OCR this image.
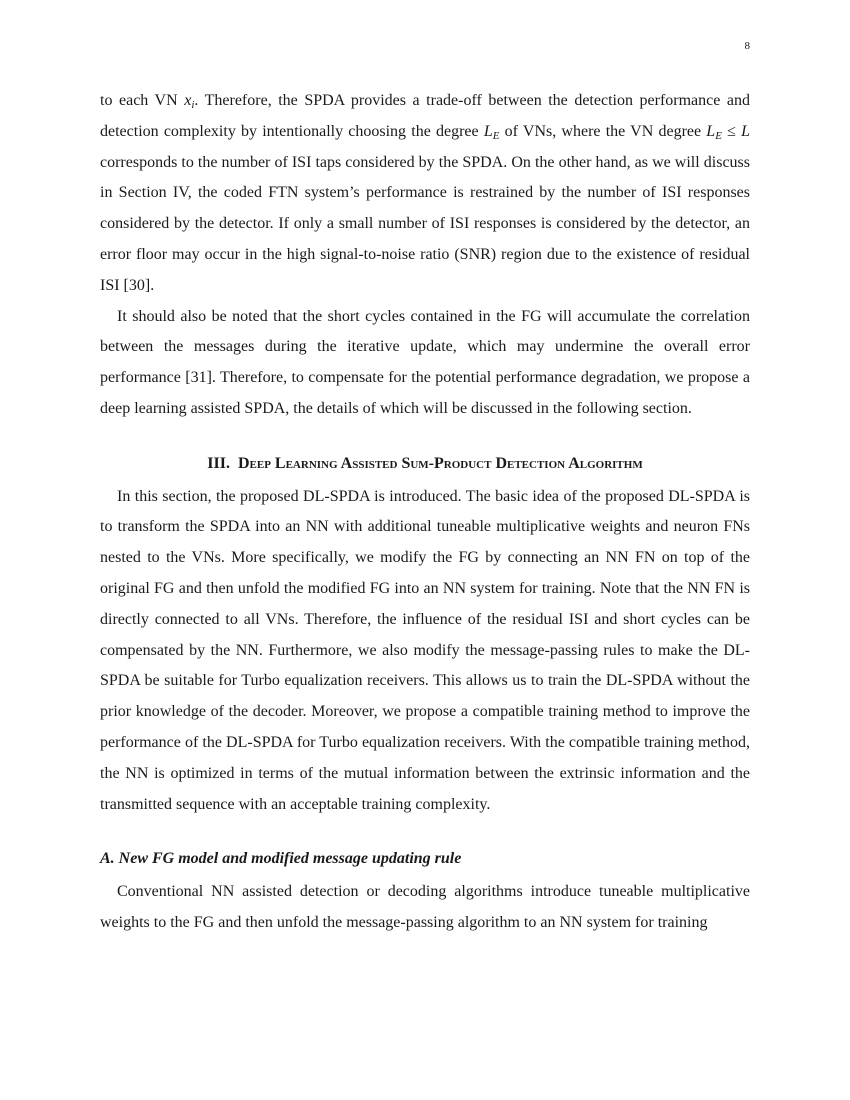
8

to each VN $x_i$. Therefore, the SPDA provides a trade-off between the detection performance and detection complexity by intentionally choosing the degree $L_E$ of VNs, where the VN degree $L_E \le L$ corresponds to the number of ISI taps considered by the SPDA. On the other hand, as we will discuss in Section IV, the coded FTN system’s performance is restrained by the number of ISI responses considered by the detector. If only a small number of ISI responses is considered by the detector, an error floor may occur in the high signal-to-noise ratio (SNR) region due to the existence of residual ISI [30].

It should also be noted that the short cycles contained in the FG will accumulate the correlation between the messages during the iterative update, which may undermine the overall error performance [31]. Therefore, to compensate for the potential performance degradation, we propose a deep learning assisted SPDA, the details of which will be discussed in the following section.

III. Deep Learning Assisted Sum-Product Detection Algorithm

In this section, the proposed DL-SPDA is introduced. The basic idea of the proposed DL-SPDA is to transform the SPDA into an NN with additional tuneable multiplicative weights and neuron FNs nested to the VNs. More specifically, we modify the FG by connecting an NN FN on top of the original FG and then unfold the modified FG into an NN system for training. Note that the NN FN is directly connected to all VNs. Therefore, the influence of the residual ISI and short cycles can be compensated by the NN. Furthermore, we also modify the message-passing rules to make the DL-SPDA be suitable for Turbo equalization receivers. This allows us to train the DL-SPDA without the prior knowledge of the decoder. Moreover, we propose a compatible training method to improve the performance of the DL-SPDA for Turbo equalization receivers. With the compatible training method, the NN is optimized in terms of the mutual information between the extrinsic information and the transmitted sequence with an acceptable training complexity.

A. New FG model and modified message updating rule

Conventional NN assisted detection or decoding algorithms introduce tuneable multiplicative weights to the FG and then unfold the message-passing algorithm to an NN system for training
